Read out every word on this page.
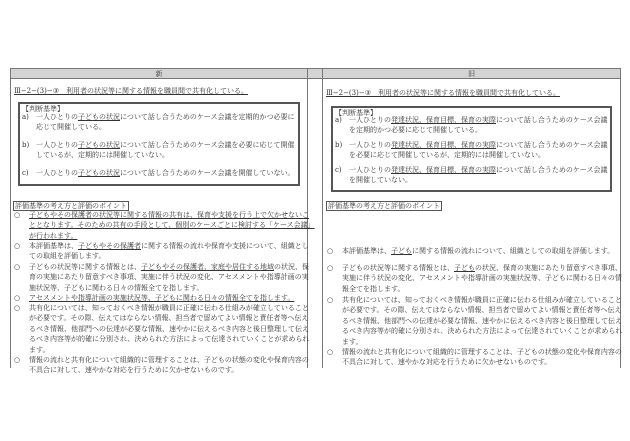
新	旧
Ⅲ−2−(3)−③　利用者の状況等に関する情報を職員間で共有化している。
【判断基準】
a) 一人ひとりの子どもの状況について話し合うためのケース会議を定期的かつ必要に
応じて開催している。
b) 一人ひとりの子どもの状況について話し合うためのケース会議を必要に応じて開催
しているが、定期的には開催していない。
c) 一人ひとりの子どもの状況について話し合うためのケース会議を開催していない。
評価基準の考え方と評価のポイント
○ 子どもやその保護者の状況等に関する情報の共有は、保育や支援を行う上で欠かせないこ
ととなります。そのための共有の手段として、個別のケースごとに検討する「ケース会議」
が行われます。
○ 本評価基準は、子どもやその保護者に関する情報の流れや保育や支援について、組織とし
ての取組を評価します。
○ 子どもの状況等に関する情報とは、子どもやその保護者、家庭や居住する地域の状況、保
育の実施にあたり留意すべき事項、実施に伴う状況の変化、アセスメントや指導計画の実
施状況等、子どもに関わる日々の情報全てを指します。
○ アセスメントや指導計画の実施状況等、子どもに関わる日々の情報全てを指します。
○ 共有化については、知っておくべき情報が職員に正確に伝わる仕組みが確立していること
が必要です。その際、伝えてはならない情報、担当者で留めてよい情報と責任者等へ伝え
るべき情報、他部門への伝達が必要な情報、速やかに伝えるべき内容と後日整理して伝え
るべき内容等が的確に分別され、決められた方法によって伝達されていくことが求められ
ます。
○ 情報の流れと共有化について組織的に管理することは、子どもの状態の変化や保育内容の
不具合に対して、速やかな対応を行うために欠かせないものです。
Ⅲ−2−(3)−③　利用者の状況等に関する情報を職員間で共有化している。
【判断基準】
a) 一人ひとりの発達状況、保育目標、保育の実際について話し合うためのケース会議
を定期的かつ必要に応じて開催している。
b) 一人ひとりの発達状況、保育目標、保育の実際について話し合うためのケース会議
を必要に応じて開催しているが、定期的には開催していない。
c) 一人ひとりの発達状況、保育目標、保育の実際について話し合うためのケース会議
を開催していない。
評価基準の考え方と評価のポイント
○ 本評価基準は、子どもに関する情報の流れについて、組織としての取組を評価します。
○ 子どもの状況等に関する情報とは、子どもの状況、保育の実施にあたり留意すべき事項、
実施に伴う状況の変化、アセスメントや指導計画の実施状況等、子どもに関わる日々の情
報全てを指します。
○ 共有化については、知っておくべき情報が職員に正確に伝わる仕組みが確立していること
が必要です。その際、伝えてはならない情報、担当者で留めてよい情報と責任者等へ伝え
るべき情報、他部門への伝達が必要な情報、速やかに伝えるべき内容と後日整理して伝え
るべき内容等が的確に分別され、決められた方法によって伝達されていくことが求められ
ます。
○ 情報の流れと共有化について組織的に管理することは、子どもの状態の変化や保育内容の
不具合に対して、速やかな対応を行うために欠かせないものです。
